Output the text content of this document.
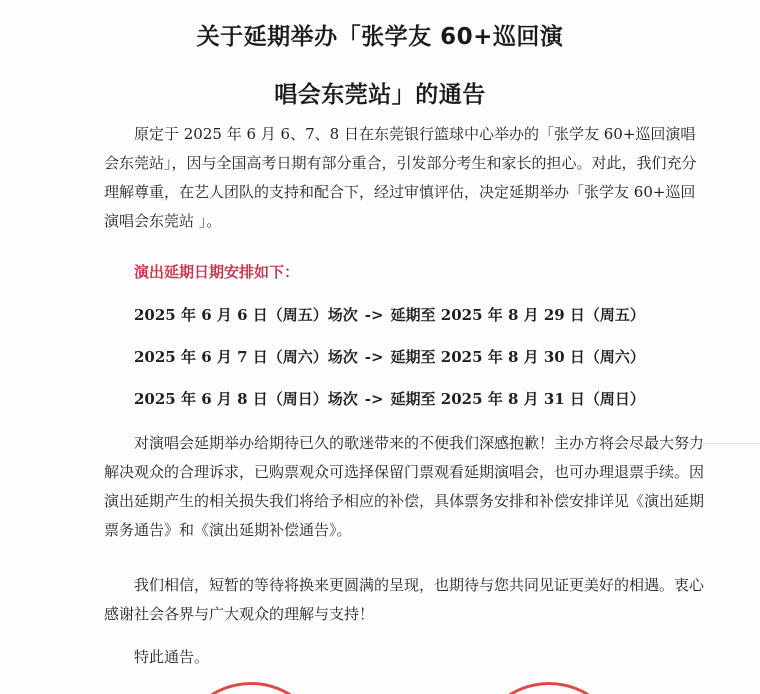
关于延期举办「张学友 60+巡回演
唱会东莞站」的通告

原定于 2025 年 6 月 6、7、8 日在东莞银行篮球中心举办的「张学友 60+巡回演唱会东莞站」，因与全国高考日期有部分重合，引发部分考生和家长的担心。对此，我们充分理解尊重，在艺人团队的支持和配合下，经过审慎评估，决定延期举办「张学友 60+巡回演唱会东莞站 」。

演出延期日期安排如下：

2025 年 6 月 6 日（周五）场次 -> 延期至 2025 年 8 月 29 日（周五）
2025 年 6 月 7 日（周六）场次 -> 延期至 2025 年 8 月 30 日（周六）
2025 年 6 月 8 日（周日）场次 -> 延期至 2025 年 8 月 31 日（周日）

对演唱会延期举办给期待已久的歌迷带来的不便我们深感抱歉！主办方将会尽最大努力解决观众的合理诉求，已购票观众可选择保留门票观看延期演唱会，也可办理退票手续。因演出延期产生的相关损失我们将给予相应的补偿，具体票务安排和补偿安排详见《演出延期票务通告》和《演出延期补偿通告》。

我们相信，短暂的等待将换来更圆满的呈现，也期待与您共同见证更美好的相遇。衷心感谢社会各界与广大观众的理解与支持！

特此通告。
